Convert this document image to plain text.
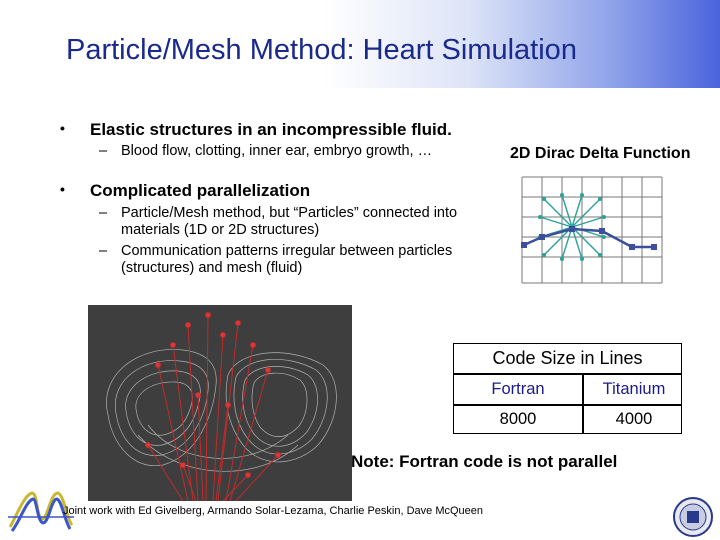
Particle/Mesh Method: Heart Simulation
• Elastic structures in an incompressible fluid.
– Blood flow, clotting, inner ear, embryo growth, …
• Complicated parallelization
– Particle/Mesh method, but “Particles” connected into materials (1D or 2D structures)
– Communication patterns irregular between particles (structures) and mesh (fluid)
2D Dirac Delta Function
Code Size in Lines
Fortran	Titanium
8000	4000
Note: Fortran code is not parallel
Joint work with Ed Givelberg, Armando Solar-Lezama, Charlie Peskin, Dave McQueen
